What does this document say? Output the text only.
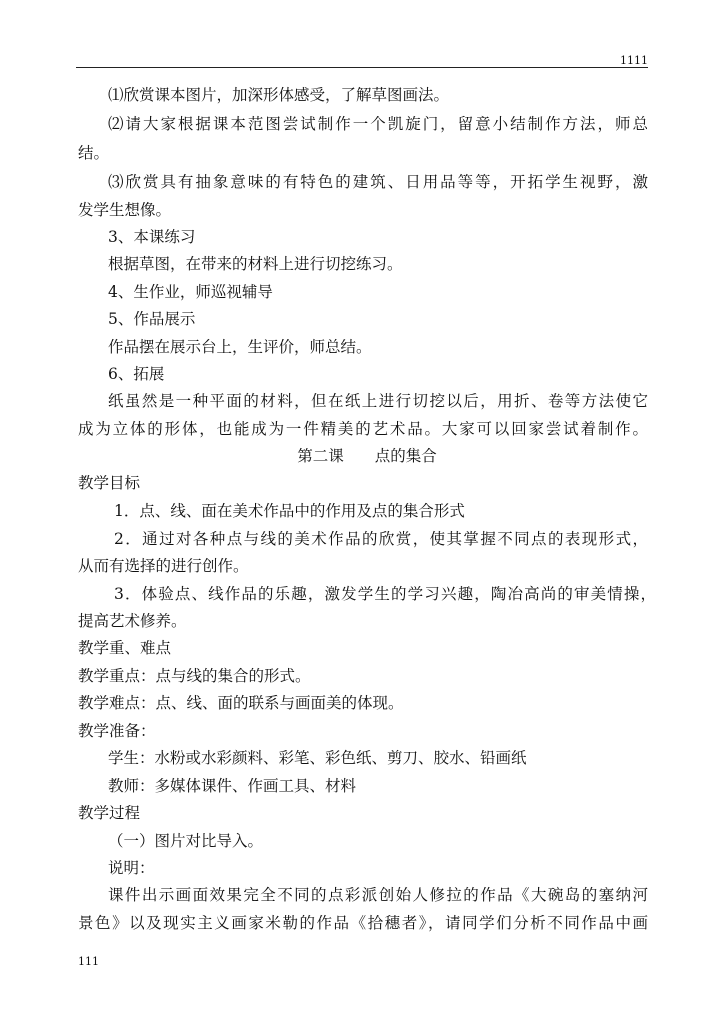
1111
⑴欣赏课本图片，加深形体感受，了解草图画法。
⑵请大家根据课本范图尝试制作一个凯旋门，留意小结制作方法，师总
结。
⑶欣赏具有抽象意味的有特色的建筑、日用品等等，开拓学生视野，激
发学生想像。
3、本课练习
根据草图，在带来的材料上进行切挖练习。
4、生作业，师巡视辅导
5、作品展示
作品摆在展示台上，生评价，师总结。
6、拓展
纸虽然是一种平面的材料，但在纸上进行切挖以后，用折、卷等方法使它
成为立体的形体，也能成为一件精美的艺术品。大家可以回家尝试着制作。
第二课　　点的集合
教学目标
1．点、线、面在美术作品中的作用及点的集合形式
2．通过对各种点与线的美术作品的欣赏，使其掌握不同点的表现形式，
从而有选择的进行创作。
3．体验点、线作品的乐趣，激发学生的学习兴趣，陶冶高尚的审美情操，
提高艺术修养。
教学重、难点
教学重点：点与线的集合的形式。
教学难点：点、线、面的联系与画面美的体现。
教学准备：
学生：水粉或水彩颜料、彩笔、彩色纸、剪刀、胶水、铅画纸
教师：多媒体课件、作画工具、材料
教学过程
（一）图片对比导入。
说明：
课件出示画面效果完全不同的点彩派创始人修拉的作品《大碗岛的塞纳河
景色》以及现实主义画家米勒的作品《拾穗者》，请同学们分析不同作品中画
111
